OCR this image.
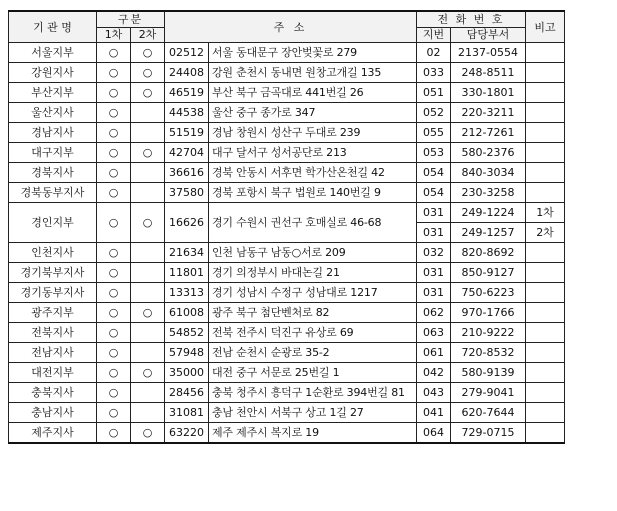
기 관 명	구분		주 소		전 화 번 호		비고
	1차	2차			지번	담당부서	
서울지부	○	○	02512	서울 동대문구 장안벚꽃로 279	02	2137-0554	
강원지사	○	○	24408	강원 춘천시 동내면 원창고개길 135	033	248-8511	
부산지부	○	○	46519	부산 북구 금곡대로 441번길 26	051	330-1801	
울산지사	○		44538	울산 중구 종가로 347	052	220-3211	
경남지사	○		51519	경남 창원시 성산구 두대로 239	055	212-7261	
대구지부	○	○	42704	대구 달서구 성서공단로 213	053	580-2376	
경북지사	○		36616	경북 안동시 서후면 학가산온천길 42	054	840-3034	
경북동부지사	○		37580	경북 포항시 북구 법원로 140번길 9	054	230-3258	
경인지부	○	○	16626	경기 수원시 권선구 호매실로 46-68	031	249-1224	1차
					031	249-1257	2차
인천지사	○		21634	인천 남동구 남동○서로 209	032	820-8692	
경기북부지사	○		11801	경기 의정부시 바대논길 21	031	850-9127	
경기동부지사	○		13313	경기 성남시 수정구 성남대로 1217	031	750-6223	
광주지부	○	○	61008	광주 북구 첨단벤처로 82	062	970-1766	
전북지사	○		54852	전북 전주시 덕진구 유상로 69	063	210-9222	
전남지사	○		57948	전남 순천시 순광로 35-2	061	720-8532	
대전지부	○	○	35000	대전 중구 서문로 25번길 1	042	580-9139	
충북지사	○		28456	충북 청주시 흥덕구 1순환로 394번길 81	043	279-9041	
충남지사	○		31081	충남 천안시 서북구 상고 1길 27	041	620-7644	
제주지사	○	○	63220	제주 제주시 복지로 19	064	729-0715	
